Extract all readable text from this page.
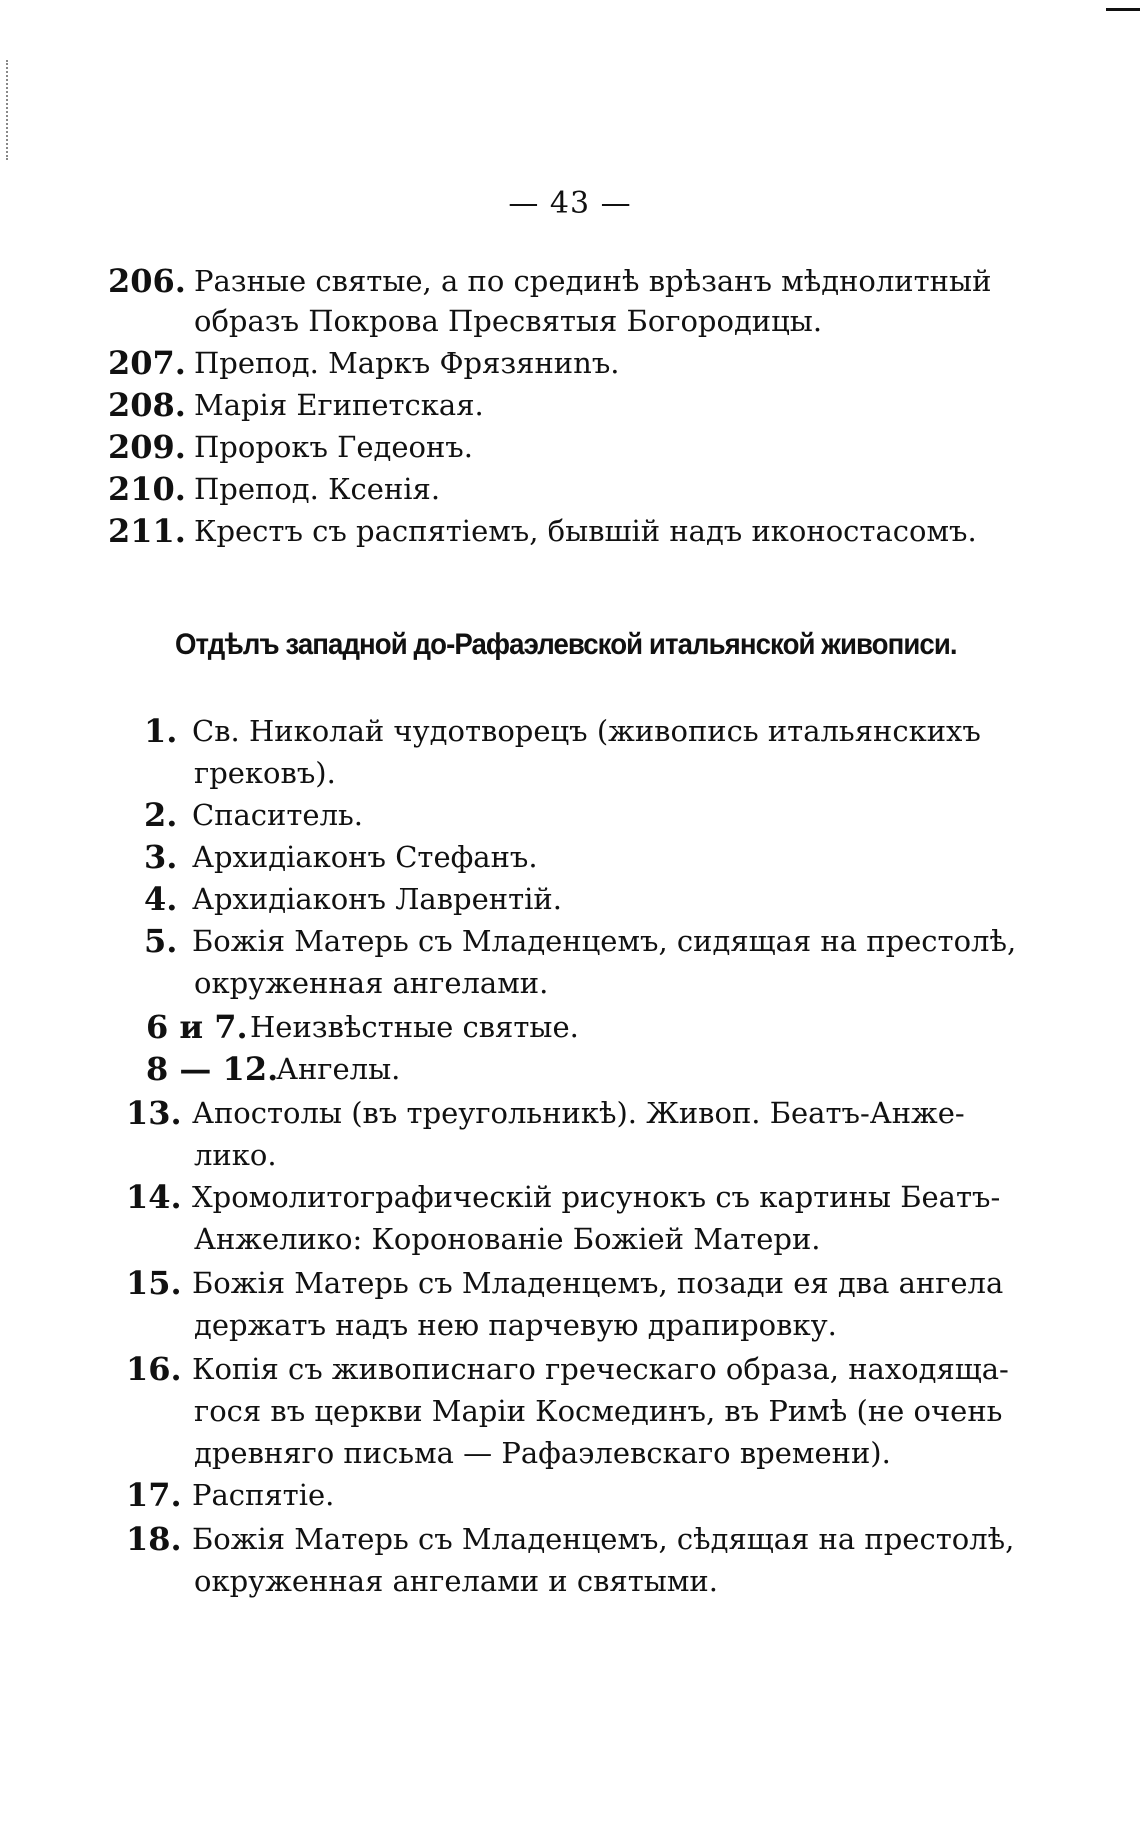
— 43 —
206. Разные святые, а по срединѣ врѣзанъ мѣднолитный
образъ Покрова Пресвятыя Богородицы.
207. Препод. Маркъ Фрязяниnъ.
208. Марія Египетская.
209. Пророкъ Гедеонъ.
210. Препод. Ксенія.
211. Крестъ съ распятіемъ, бывшій надъ иконостасомъ.
Отдѣлъ западной до-Рафаэлевской итальянской живописи.
1. Св. Николай чудотворецъ (живопись итальянскихъ
грековъ).
2. Спаситель.
3. Архидіаконъ Стефанъ.
4. Архидіаконъ Лаврентій.
5. Божія Матерь съ Младенцемъ, сидящая на престолѣ,
окруженная ангелами.
6 и 7. Неизвѣстные святые.
8 — 12.
Ангелы.
13. Апостолы (въ треугольникѣ). Живоп. Беатъ-Анже-
лико.
14. Хромолитографическій рисунокъ съ картины Беатъ-
Анжелико: Коронованіе Божіей Матери.
15. Божія Матерь съ Младенцемъ, позади ея два ангела
держатъ надъ нею парчевую драпировку.
16. Копія съ живописнаго греческаго образа, находяща-
гося въ церкви Маріи Космединъ, въ Римѣ (не очень
древняго письма — Рафаэлевскаго времени).
17. Распятіе.
18. Божія Матерь съ Младенцемъ, сѣдящая на престолѣ,
окруженная ангелами и святыми.
